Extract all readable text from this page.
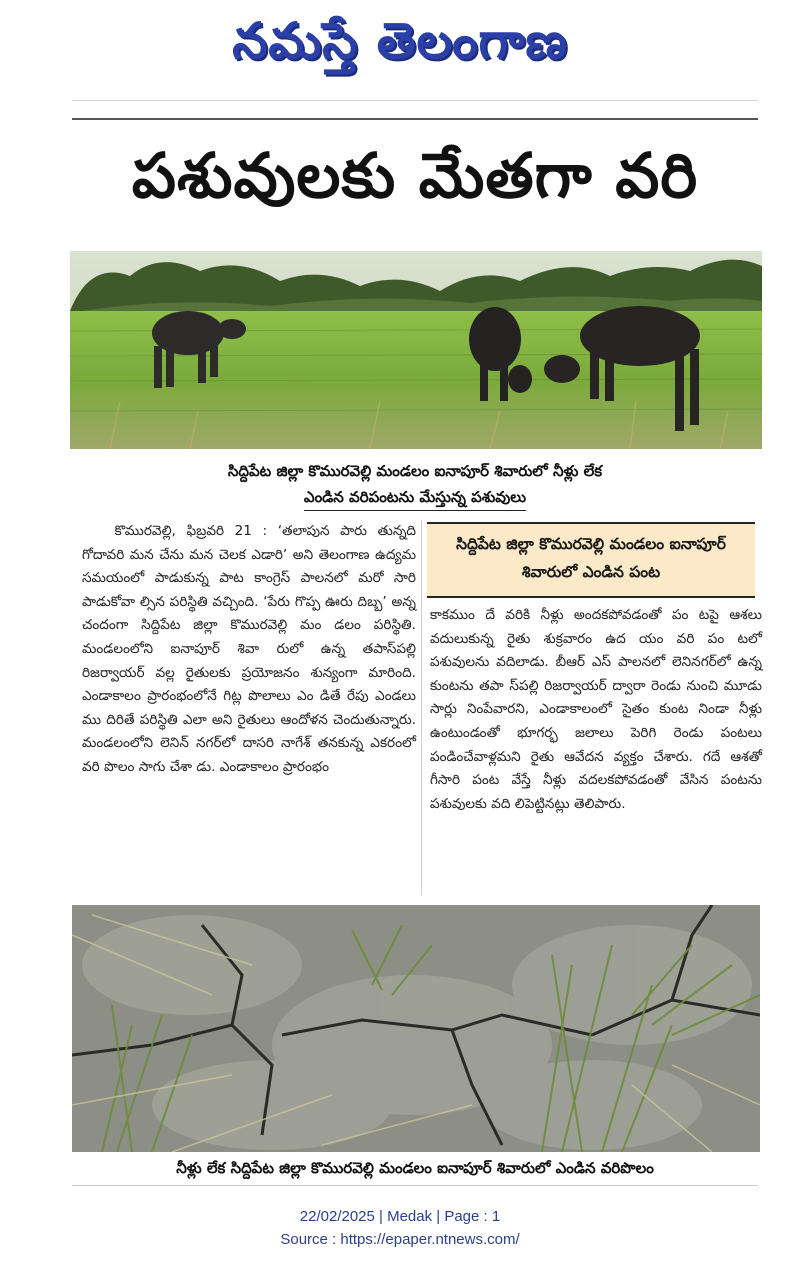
నమస్తే తెలంగాణ
పశువులకు మేతగా వరి
సిద్దిపేట జిల్లా కొమురవెల్లి మండలం ఐనాపూర్ శివారులో నీళ్లు లేక
ఎండిన వరిపంటను మేస్తున్న పశువులు

కొమురవెల్లి, ఫిబ్రవరి 21 : ‘తలాపున పారు తున్నది గోదావరి మన చేను మన చెలక ఎడారి’ అని తెలంగాణ ఉద్యమ సమయంలో పాడుకున్న పాట కాంగ్రెస్ పాలనలో మరో సారి పాడుకోవా ల్సిన పరిస్థితి వచ్చింది. ‘పేరు గొప్ప ఊరు దిబ్బ’ అన్న చందంగా సిద్దిపేట జిల్లా కొమురవెల్లి మం డలం పరిస్థితి. మండలంలోని ఐనాపూర్ శివా రులో ఉన్న తపాస్‌పల్లి రిజర్వాయర్ వల్ల రైతులకు ప్రయోజనం శున్యంగా మారింది. ఎండాకాలం ప్రారంభంలోనే గిట్ల పొలాలు ఎం డితే రేపు ఎండలు ము దిరితే పరిస్థితి ఎలా అని రైతులు ఆందోళన చెందుతున్నారు. మండలంలోని లెనిన్ నగర్‌లో దాసరి నాగేశ్ తనకున్న ఎకరంలో వరి పొలం సాగు చేశా డు. ఎండాకాలం ప్రారంభం

సిద్దిపేట జిల్లా కొమురవెల్లి మండలం ఐనాపూర్ శివారులో ఎండిన పంట

కాకముం దే వరికి నీళ్లు అందకపోవడంతో పం టపై ఆశలు వదులుకున్న రైతు శుక్రవారం ఉద యం వరి పం టలో పశువులను వదిలాడు. బీఆర్ ఎస్ పాలనలో లెనినగర్‌లో ఉన్న కుంటను తపా స్‌పల్లి రిజర్వాయర్ ద్వారా రెండు నుంచి మూడు సార్లు నింపేవారని, ఎండాకాలంలో సైతం కుంట నిండా నీళ్లు ఉంటుండంతో భూగర్భ జలాలు పెరిగి రెండు పంటలు పండించేవాళ్లమని రైతు ఆవేదన వ్యక్తం చేశారు. గదే ఆశతో గీసారి పంట వేస్తే నీళ్లు వదలకపోవడంతో వేసిన పంటను పశువులకు వది లిపెట్టినట్లు తెలిపారు.

నీళ్లు లేక సిద్దిపేట జిల్లా కొమురవెల్లి మండలం ఐనాపూర్ శివారులో ఎండిన వరిపొలం
22/02/2025 | Medak | Page : 1
Source : https://epaper.ntnews.com/
